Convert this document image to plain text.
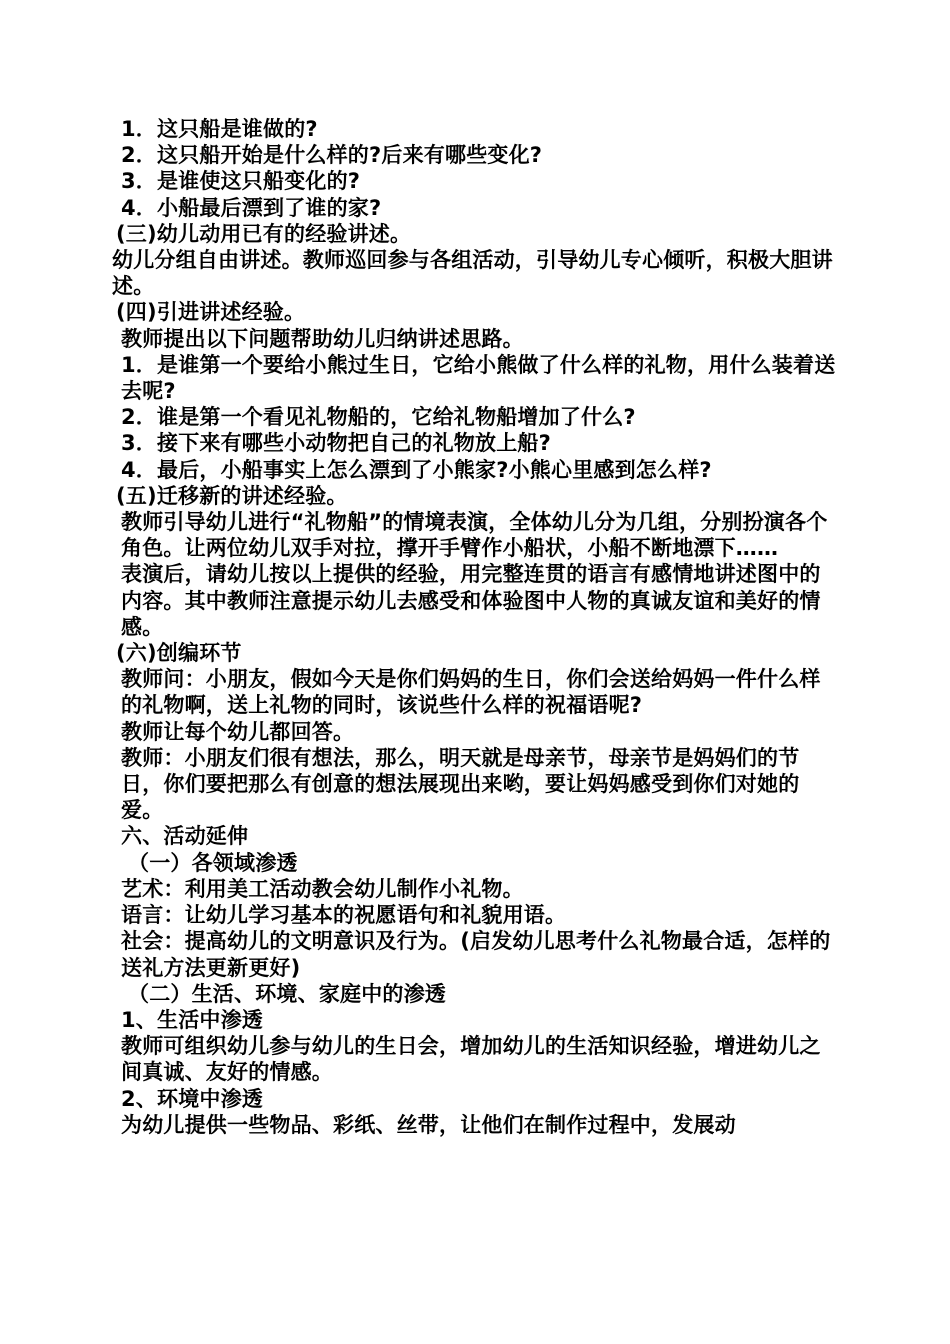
1．这只船是谁做的?

2．这只船开始是什么样的?后来有哪些变化?

3．是谁使这只船变化的?

4．小船最后漂到了谁的家?

(三)幼儿动用已有的经验讲述。

幼儿分组自由讲述。教师巡回参与各组活动，引导幼儿专心倾听，积极大胆讲述。

(四)引进讲述经验。

教师提出以下问题帮助幼儿归纳讲述思路。

1．是谁第一个要给小熊过生日，它给小熊做了什么样的礼物，用什么装着送去呢?

2．谁是第一个看见礼物船的，它给礼物船增加了什么?

3．接下来有哪些小动物把自己的礼物放上船?

4．最后，小船事实上怎么漂到了小熊家?小熊心里感到怎么样?

(五)迁移新的讲述经验。

教师引导幼儿进行“礼物船”的情境表演，全体幼儿分为几组，分别扮演各个角色。让两位幼儿双手对拉，撑开手臂作小船状，小船不断地漂下……

表演后，请幼儿按以上提供的经验，用完整连贯的语言有感情地讲述图中的内容。其中教师注意提示幼儿去感受和体验图中人物的真诚友谊和美好的情感。

(六)创编环节

教师问：小朋友，假如今天是你们妈妈的生日，你们会送给妈妈一件什么样的礼物啊，送上礼物的同时，该说些什么样的祝福语呢?

教师让每个幼儿都回答。

教师：小朋友们很有想法，那么，明天就是母亲节，母亲节是妈妈们的节日，你们要把那么有创意的想法展现出来哟，要让妈妈感受到你们对她的爱。

六、活动延伸

（一）各领域渗透

艺术：利用美工活动教会幼儿制作小礼物。

语言：让幼儿学习基本的祝愿语句和礼貌用语。

社会：提高幼儿的文明意识及行为。(启发幼儿思考什么礼物最合适，怎样的送礼方法更新更好)

（二）生活、环境、家庭中的渗透

1、生活中渗透

教师可组织幼儿参与幼儿的生日会，增加幼儿的生活知识经验，增进幼儿之间真诚、友好的情感。

2、环境中渗透

为幼儿提供一些物品、彩纸、丝带，让他们在制作过程中，发展动
